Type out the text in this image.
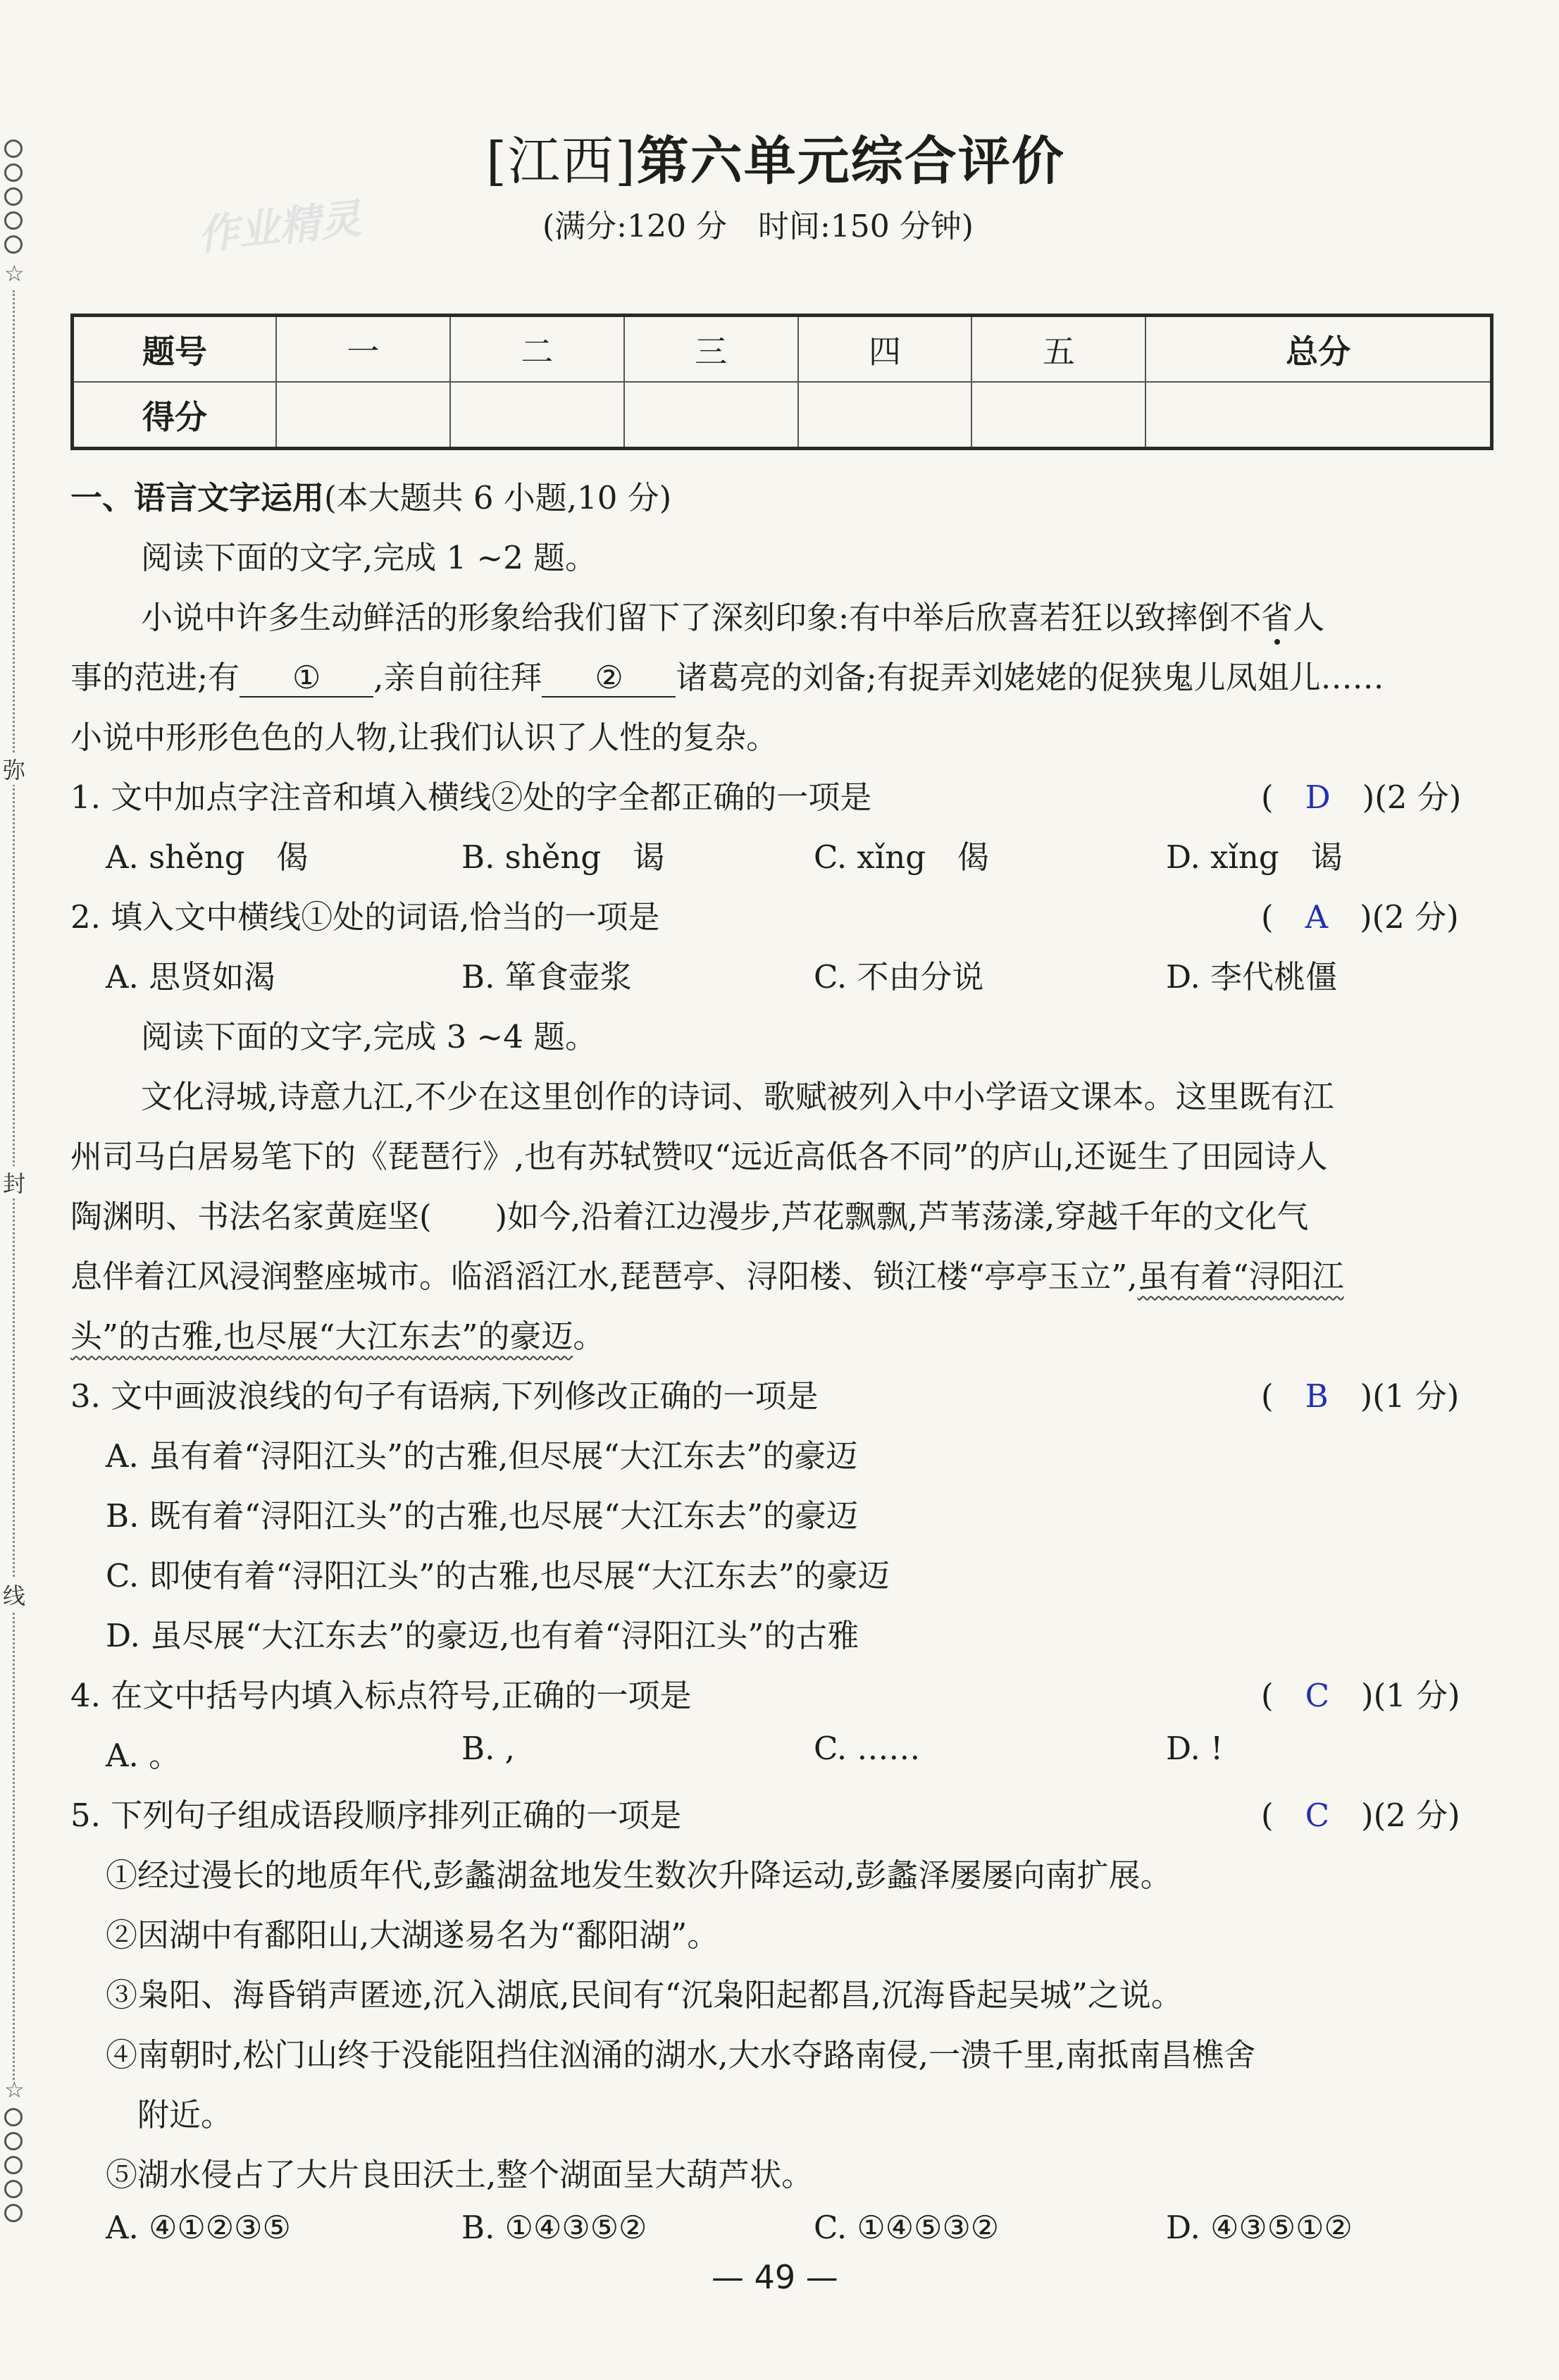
☆
弥
封
线
☆
作业精灵
[江西]第六单元综合评价
(满分:120 分　时间:150 分钟)
题号	一	二	三	四	五	总分
得分						
一、语言文字运用(本大题共 6 小题,10 分)
阅读下面的文字,完成 1 ~2 题。
小说中许多生动鲜活的形象给我们留下了深刻印象:有中举后欣喜若狂以致摔倒不省人
事的范进;有 ① ,亲自前往拜 ② 诸葛亮的刘备;有捉弄刘姥姥的促狭鬼儿凤姐儿……
小说中形形色色的人物,让我们认识了人性的复杂。
1. 文中加点字注音和填入横线②处的字全都正确的一项是	(　D　)(2 分)
A. shěng　偈	B. shěng　谒	C. xǐng　偈	D. xǐng　谒
2. 填入文中横线①处的词语,恰当的一项是	(　A　)(2 分)
A. 思贤如渴	B. 箪食壶浆	C. 不由分说	D. 李代桃僵
阅读下面的文字,完成 3 ~4 题。
文化浔城,诗意九江,不少在这里创作的诗词、歌赋被列入中小学语文课本。这里既有江
州司马白居易笔下的《琵琶行》,也有苏轼赞叹“远近高低各不同”的庐山,还诞生了田园诗人
陶渊明、书法名家黄庭坚(　　)如今,沿着江边漫步,芦花飘飘,芦苇荡漾,穿越千年的文化气
息伴着江风浸润整座城市。临滔滔江水,琵琶亭、浔阳楼、锁江楼“亭亭玉立”,虽有着“浔阳江
头”的古雅,也尽展“大江东去”的豪迈。
3. 文中画波浪线的句子有语病,下列修改正确的一项是	(　B　)(1 分)
A. 虽有着“浔阳江头”的古雅,但尽展“大江东去”的豪迈
B. 既有着“浔阳江头”的古雅,也尽展“大江东去”的豪迈
C. 即使有着“浔阳江头”的古雅,也尽展“大江东去”的豪迈
D. 虽尽展“大江东去”的豪迈,也有着“浔阳江头”的古雅
4. 在文中括号内填入标点符号,正确的一项是	(　C　)(1 分)
A. 。	B. ,	C. ……	D. !
5. 下列句子组成语段顺序排列正确的一项是	(　C　)(2 分)
①经过漫长的地质年代,彭蠡湖盆地发生数次升降运动,彭蠡泽屡屡向南扩展。
②因湖中有鄱阳山,大湖遂易名为“鄱阳湖”。
③枭阳、海昏销声匿迹,沉入湖底,民间有“沉枭阳起都昌,沉海昏起吴城”之说。
④南朝时,松门山终于没能阻挡住汹涌的湖水,大水夺路南侵,一溃千里,南抵南昌樵舍
附近。
⑤湖水侵占了大片良田沃土,整个湖面呈大葫芦状。
A. ④①②③⑤	B. ①④③⑤②	C. ①④⑤③②	D. ④③⑤①②
— 49 —
